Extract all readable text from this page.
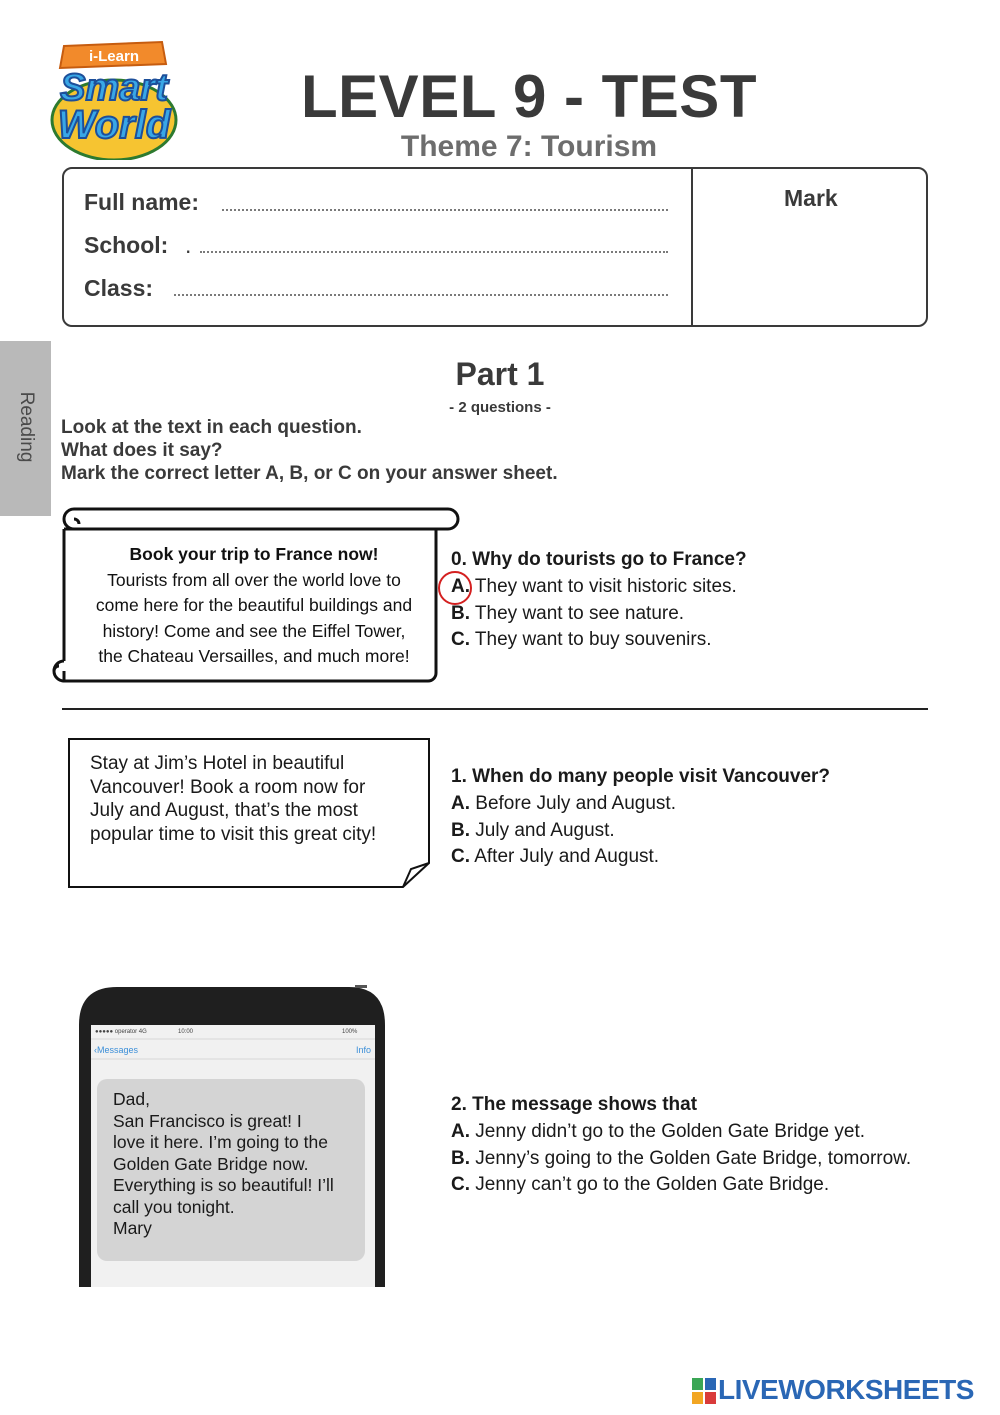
i-Learn
Smart
World	LEVEL 9 - TEST
Theme 7: Tourism
Full name:
School: .
Class:
Mark
Reading
Part 1
- 2 questions -
Look at the text in each question.
What does it say?
Mark the correct letter A, B, or C on your answer sheet.
Book your trip to France now!
Tourists from all over the world love to
come here for the beautiful buildings and
history! Come and see the Eiffel Tower,
the Chateau Versailles, and much more!
0. Why do tourists go to France?
A. They want to visit historic sites.
B. They want to see nature.
C. They want to buy souvenirs.
Stay at Jim’s Hotel in beautiful
Vancouver! Book a room now for
July and August, that’s the most
popular time to visit this great city!
1. When do many people visit Vancouver?
A. Before July and August.
B. July and August.
C. After July and August.
●●●●● operator 4G	10:00	100%
‹Messages	Info
Dad,
San Francisco is great! I
love it here. I’m going to the
Golden Gate Bridge now.
Everything is so beautiful! I’ll
call you tonight.
Mary
2. The message shows that
A. Jenny didn’t go to the Golden Gate Bridge yet.
B. Jenny’s going to the Golden Gate Bridge, tomorrow.
C. Jenny can’t go to the Golden Gate Bridge.
LIVEWORKSHEETS
